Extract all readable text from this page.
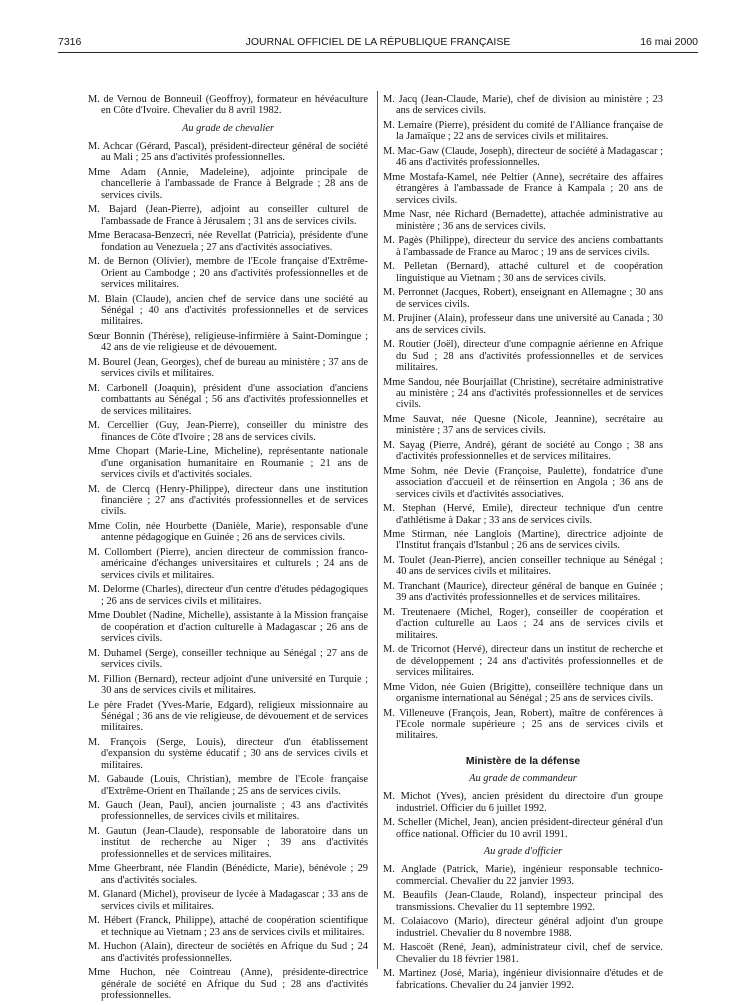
7316	JOURNAL OFFICIEL DE LA RÉPUBLIQUE FRANÇAISE	16 mai 2000

M. de Vernou de Bonneuil (Geoffroy), formateur en hévéaculture en Côte d'Ivoire. Chevalier du 8 avril 1982.

Au grade de chevalier

M. Achcar (Gérard, Pascal), président-directeur général de société au Mali ; 25 ans d'activités professionnelles.

Mme Adam (Annie, Madeleine), adjointe principale de chancellerie à l'ambassade de France à Belgrade ; 28 ans de services civils.

M. Bajard (Jean-Pierre), adjoint au conseiller culturel de l'ambassade de France à Jérusalem ; 31 ans de services civils.

Mme Beracasa-Benzecri, née Revellat (Patricia), présidente d'une fondation au Venezuela ; 27 ans d'activités associatives.

M. de Bernon (Olivier), membre de l'Ecole française d'Extrême-Orient au Cambodge ; 20 ans d'activités professionnelles et de services militaires.

M. Blain (Claude), ancien chef de service dans une société au Sénégal ; 40 ans d'activités professionnelles et de services militaires.

Sœur Bonnin (Thérèse), religieuse-infirmière à Saint-Domingue ; 42 ans de vie religieuse et de dévouement.

M. Bourel (Jean, Georges), chef de bureau au ministère ; 37 ans de services civils et militaires.

M. Carbonell (Joaquin), président d'une association d'anciens combattants au Sénégal ; 56 ans d'activités professionnelles et de services militaires.

M. Cercellier (Guy, Jean-Pierre), conseiller du ministre des finances de Côte d'Ivoire ; 28 ans de services civils.

Mme Chopart (Marie-Line, Micheline), représentante nationale d'une organisation humanitaire en Roumanie ; 21 ans de services civils et d'activités sociales.

M. de Clercq (Henry-Philippe), directeur dans une institution financière ; 27 ans d'activités professionnelles et de services civils.

Mme Colin, née Hourbette (Danièle, Marie), responsable d'une antenne pédagogique en Guinée ; 26 ans de services civils.

M. Collombert (Pierre), ancien directeur de commission franco-américaine d'échanges universitaires et culturels ; 24 ans de services civils et militaires.

M. Delorme (Charles), directeur d'un centre d'études pédagogiques ; 26 ans de services civils et militaires.

Mme Doublet (Nadine, Michelle), assistante à la Mission française de coopération et d'action culturelle à Madagascar ; 26 ans de services civils.

M. Duhamel (Serge), conseiller technique au Sénégal ; 27 ans de services civils.

M. Fillion (Bernard), recteur adjoint d'une université en Turquie ; 30 ans de services civils et militaires.

Le père Fradet (Yves-Marie, Edgard), religieux missionnaire au Sénégal ; 36 ans de vie religieuse, de dévouement et de services militaires.

M. François (Serge, Louis), directeur d'un établissement d'expansion du système éducatif ; 30 ans de services civils et militaires.

M. Gabaude (Louis, Christian), membre de l'Ecole française d'Extrême-Orient en Thaïlande ; 25 ans de services civils.

M. Gauch (Jean, Paul), ancien journaliste ; 43 ans d'activités professionnelles, de services civils et militaires.

M. Gautun (Jean-Claude), responsable de laboratoire dans un institut de recherche au Niger ; 39 ans d'activités professionnelles et de services militaires.

Mme Gheerbrant, née Flandin (Bénédicte, Marie), bénévole ; 29 ans d'activités sociales.

M. Glanard (Michel), proviseur de lycée à Madagascar ; 33 ans de services civils et militaires.

M. Hébert (Franck, Philippe), attaché de coopération scientifique et technique au Vietnam ; 23 ans de services civils et militaires.

M. Huchon (Alain), directeur de sociétés en Afrique du Sud ; 24 ans d'activités professionnelles.

Mme Huchon, née Cointreau (Anne), présidente-directrice générale de société en Afrique du Sud ; 28 ans d'activités professionnelles.

M. Jacq (Jean-Claude, Marie), chef de division au ministère ; 23 ans de services civils.

M. Lemaire (Pierre), président du comité de l'Alliance française de la Jamaïque ; 22 ans de services civils et militaires.

M. Mac-Gaw (Claude, Joseph), directeur de société à Madagascar ; 46 ans d'activités professionnelles.

Mme Mostafa-Kamel, née Peltier (Anne), secrétaire des affaires étrangères à l'ambassade de France à Kampala ; 20 ans de services civils.

Mme Nasr, née Richard (Bernadette), attachée administrative au ministère ; 36 ans de services civils.

M. Pagès (Philippe), directeur du service des anciens combattants à l'ambassade de France au Maroc ; 19 ans de services civils.

M. Pelletan (Bernard), attaché culturel et de coopération linguistique au Vietnam ; 30 ans de services civils.

M. Perronnet (Jacques, Robert), enseignant en Allemagne ; 30 ans de services civils.

M. Prujiner (Alain), professeur dans une université au Canada ; 30 ans de services civils.

M. Routier (Joël), directeur d'une compagnie aérienne en Afrique du Sud ; 28 ans d'activités professionnelles et de services militaires.

Mme Sandou, née Bourjaillat (Christine), secrétaire administrative au ministère ; 24 ans d'activités professionnelles et de services civils.

Mme Sauvat, née Quesne (Nicole, Jeannine), secrétaire au ministère ; 37 ans de services civils.

M. Sayag (Pierre, André), gérant de société au Congo ; 38 ans d'activités professionnelles et de services militaires.

Mme Sohm, née Devie (Françoise, Paulette), fondatrice d'une association d'accueil et de réinsertion en Angola ; 36 ans de services civils et d'activités associatives.

M. Stephan (Hervé, Emile), directeur technique d'un centre d'athlétisme à Dakar ; 33 ans de services civils.

Mme Stirman, née Langlois (Martine), directrice adjointe de l'Institut français d'Istanbul ; 26 ans de services civils.

M. Toulet (Jean-Pierre), ancien conseiller technique au Sénégal ; 40 ans de services civils et militaires.

M. Tranchant (Maurice), directeur général de banque en Guinée ; 39 ans d'activités professionnelles et de services militaires.

M. Treutenaere (Michel, Roger), conseiller de coopération et d'action culturelle au Laos ; 24 ans de services civils et militaires.

M. de Tricornot (Hervé), directeur dans un institut de recherche et de développement ; 24 ans d'activités professionnelles et de services militaires.

Mme Vidon, née Guien (Brigitte), conseillère technique dans un organisme international au Sénégal ; 25 ans de services civils.

M. Villeneuve (François, Jean, Robert), maître de conférences à l'Ecole normale supérieure ; 25 ans de services civils et militaires.

Ministère de la défense

Au grade de commandeur

M. Michot (Yves), ancien président du directoire d'un groupe industriel. Officier du 6 juillet 1992.

M. Scheller (Michel, Jean), ancien président-directeur général d'un office national. Officier du 10 avril 1991.

Au grade d'officier

M. Anglade (Patrick, Marie), ingénieur responsable technico-commercial. Chevalier du 22 janvier 1993.

M. Beaufils (Jean-Claude, Roland), inspecteur principal des transmissions. Chevalier du 11 septembre 1992.

M. Colaiacovo (Mario), directeur général adjoint d'un groupe industriel. Chevalier du 8 novembre 1988.

M. Hascoët (René, Jean), administrateur civil, chef de service. Chevalier du 18 février 1981.

M. Martinez (José, Maria), ingénieur divisionnaire d'études et de fabrications. Chevalier du 24 janvier 1992.
